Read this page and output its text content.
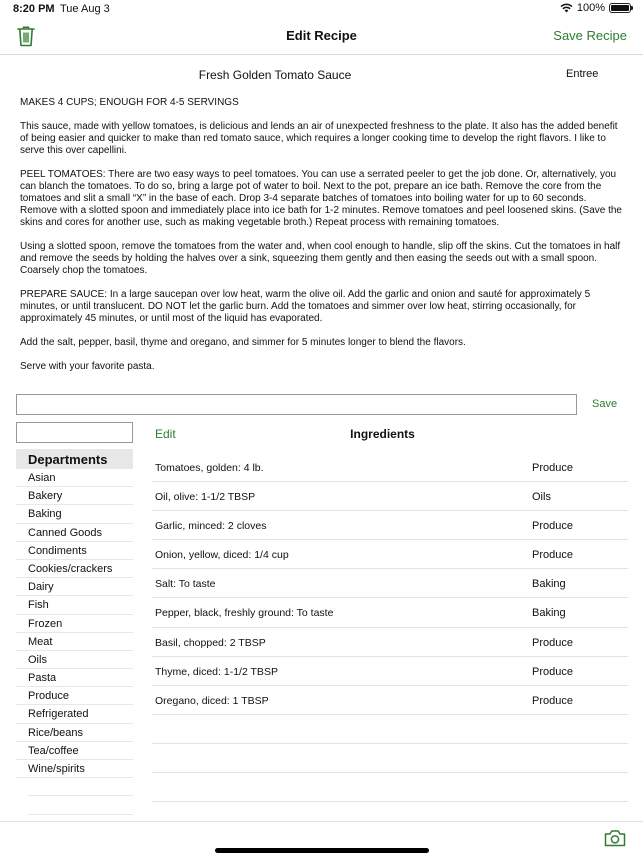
8:20 PM Tue Aug 3	100%
Edit Recipe	Save Recipe
Fresh Golden Tomato Sauce	Entree

MAKES 4 CUPS; ENOUGH FOR 4-5 SERVINGS

This sauce, made with yellow tomatoes, is delicious and lends an air of unexpected freshness to the plate. It also has the added benefit of being easier and quicker to make than red tomato sauce, which requires a longer cooking time to develop the right flavors. I like to serve this over capellini.

PEEL TOMATOES: There are two easy ways to peel tomatoes. You can use a serrated peeler to get the job done. Or, alternatively, you can blanch the tomatoes. To do so, bring a large pot of water to boil. Next to the pot, prepare an ice bath. Remove the core from the tomatoes and slit a small “X” in the base of each. Drop 3-4 separate batches of tomatoes into boiling water for up to 60 seconds. Remove with a slotted spoon and immediately place into ice bath for 1-2 minutes. Remove tomatoes and peel loosened skins. (Save the skins and cores for another use, such as making vegetable broth.) Repeat process with remaining tomatoes.

Using a slotted spoon, remove the tomatoes from the water and, when cool enough to handle, slip off the skins. Cut the tomatoes in half and remove the seeds by holding the halves over a sink, squeezing them gently and then easing the seeds out with a small spoon. Coarsely chop the tomatoes.

PREPARE SAUCE: In a large saucepan over low heat, warm the olive oil. Add the garlic and onion and sauté for approximately 5 minutes, or until translucent. DO NOT let the garlic burn. Add the tomatoes and simmer over low heat, stirring occasionally, for approximately 45 minutes, or until most of the liquid has evaporated.

Add the salt, pepper, basil, thyme and oregano, and simmer for 5 minutes longer to blend the flavors.

Serve with your favorite pasta.

Save
Departments
Asian
Bakery
Baking
Canned Goods
Condiments
Cookies/crackers
Dairy
Fish
Frozen
Meat
Oils
Pasta
Produce
Refrigerated
Rice/beans
Tea/coffee
Wine/spirits
Edit	Ingredients
Tomatoes, golden: 4 lb.	Produce
Oil, olive: 1-1/2 TBSP	Oils
Garlic, minced: 2 cloves	Produce
Onion, yellow, diced: 1/4 cup	Produce
Salt: To taste	Baking
Pepper, black, freshly ground: To taste	Baking
Basil, chopped: 2 TBSP	Produce
Thyme, diced: 1-1/2 TBSP	Produce
Oregano, diced: 1 TBSP	Produce
